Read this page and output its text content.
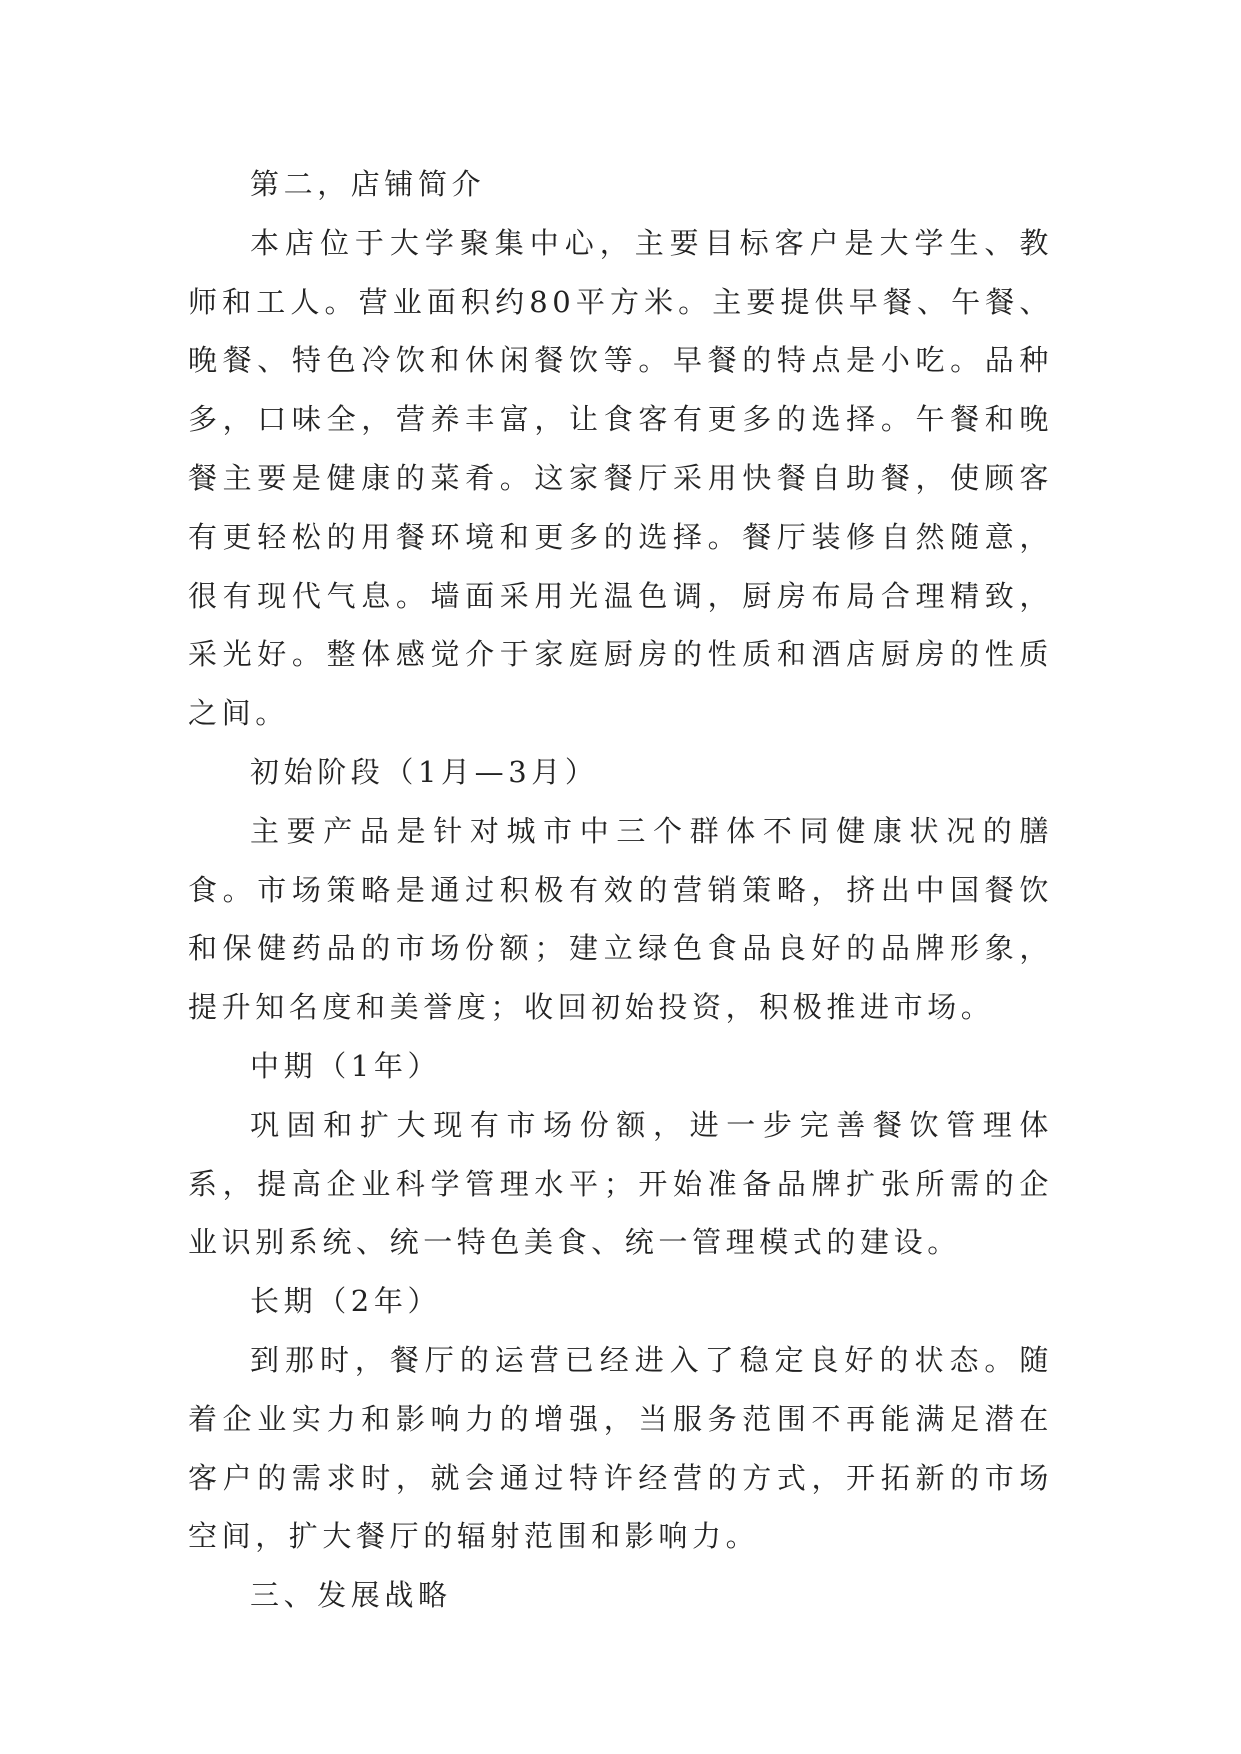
第二，店铺简介

本店位于大学聚集中心，主要目标客户是大学生、教师和工人。营业面积约80平方米。主要提供早餐、午餐、晚餐、特色冷饮和休闲餐饮等。早餐的特点是小吃。品种多，口味全，营养丰富，让食客有更多的选择。午餐和晚餐主要是健康的菜肴。这家餐厅采用快餐自助餐，使顾客有更轻松的用餐环境和更多的选择。餐厅装修自然随意，很有现代气息。墙面采用光温色调，厨房布局合理精致，采光好。整体感觉介于家庭厨房的性质和酒店厨房的性质之间。

初始阶段（1月—3月）

主要产品是针对城市中三个群体不同健康状况的膳食。市场策略是通过积极有效的营销策略，挤出中国餐饮和保健药品的市场份额；建立绿色食品良好的品牌形象，提升知名度和美誉度；收回初始投资，积极推进市场。

中期（1年）

巩固和扩大现有市场份额，进一步完善餐饮管理体系，提高企业科学管理水平；开始准备品牌扩张所需的企业识别系统、统一特色美食、统一管理模式的建设。

长期（2年）

到那时，餐厅的运营已经进入了稳定良好的状态。随着企业实力和影响力的增强，当服务范围不再能满足潜在客户的需求时，就会通过特许经营的方式，开拓新的市场空间，扩大餐厅的辐射范围和影响力。

三、发展战略
